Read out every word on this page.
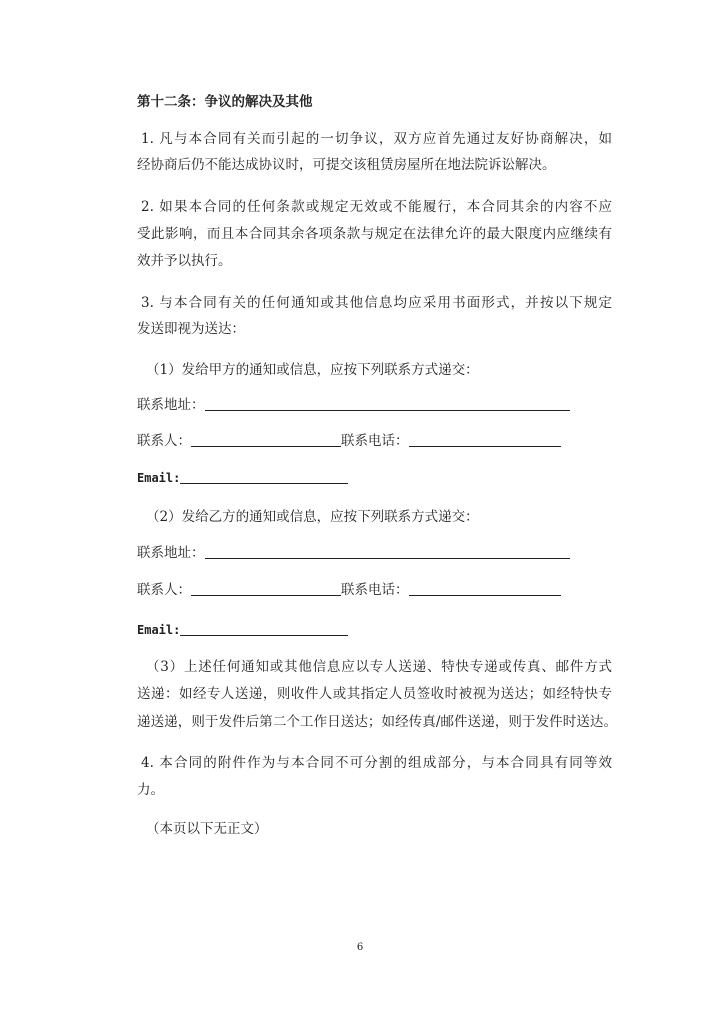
第十二条：争议的解决及其他
1. 凡与本合同有关而引起的一切争议，双方应首先通过友好协商解决，如
经协商后仍不能达成协议时，可提交该租赁房屋所在地法院诉讼解决。
2. 如果本合同的任何条款或规定无效或不能履行，本合同其余的内容不应
受此影响，而且本合同其余各项条款与规定在法律允许的最大限度内应继续有
效并予以执行。
3. 与本合同有关的任何通知或其他信息均应采用书面形式，并按以下规定
发送即视为送达：
（1）发给甲方的通知或信息，应按下列联系方式递交：
联系地址：
联系人：	联系电话：
Email:
（2）发给乙方的通知或信息，应按下列联系方式递交：
联系地址：
联系人：	联系电话：
Email:
（3）上述任何通知或其他信息应以专人送递、特快专递或传真、邮件方式
送递：如经专人送递，则收件人或其指定人员签收时被视为送达；如经特快专
递送递，则于发件后第二个工作日送达；如经传真/邮件送递，则于发件时送达。
4. 本合同的附件作为与本合同不可分割的组成部分，与本合同具有同等效
力。
（本页以下无正文）
6
